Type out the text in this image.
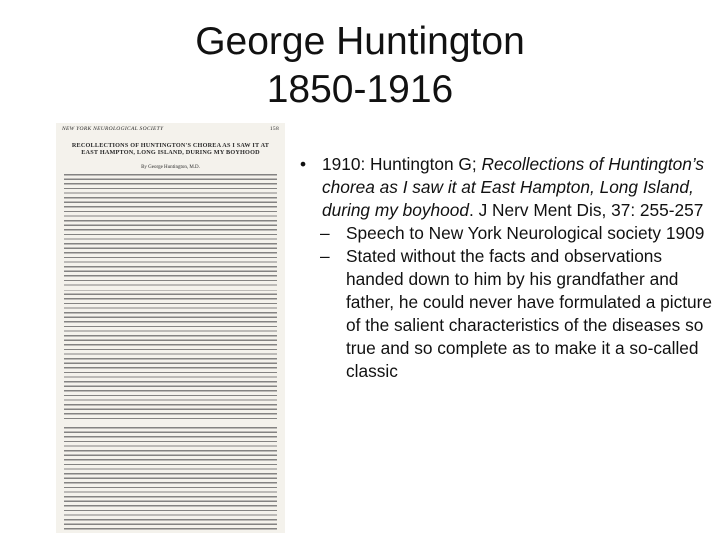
George Huntington
1850-1916
NEW YORK NEUROLOGICAL SOCIETY	158
RECOLLECTIONS OF HUNTINGTON'S CHOREA AS I SAW IT AT EAST HAMPTON, LONG ISLAND, DURING MY BOYHOOD
By George Huntington, M.D.	• 1910: Huntington G; Recollections of Huntington’s chorea as I saw it at East Hampton, Long Island, during my boyhood. J Nerv Ment Dis, 37: 255-257
– Speech to New York Neurological society 1909
– Stated without the facts and observations handed down to him by his grandfather and father, he could never have formulated a picture of the salient characteristics of the diseases so true and so complete as to make it a so-called classic
